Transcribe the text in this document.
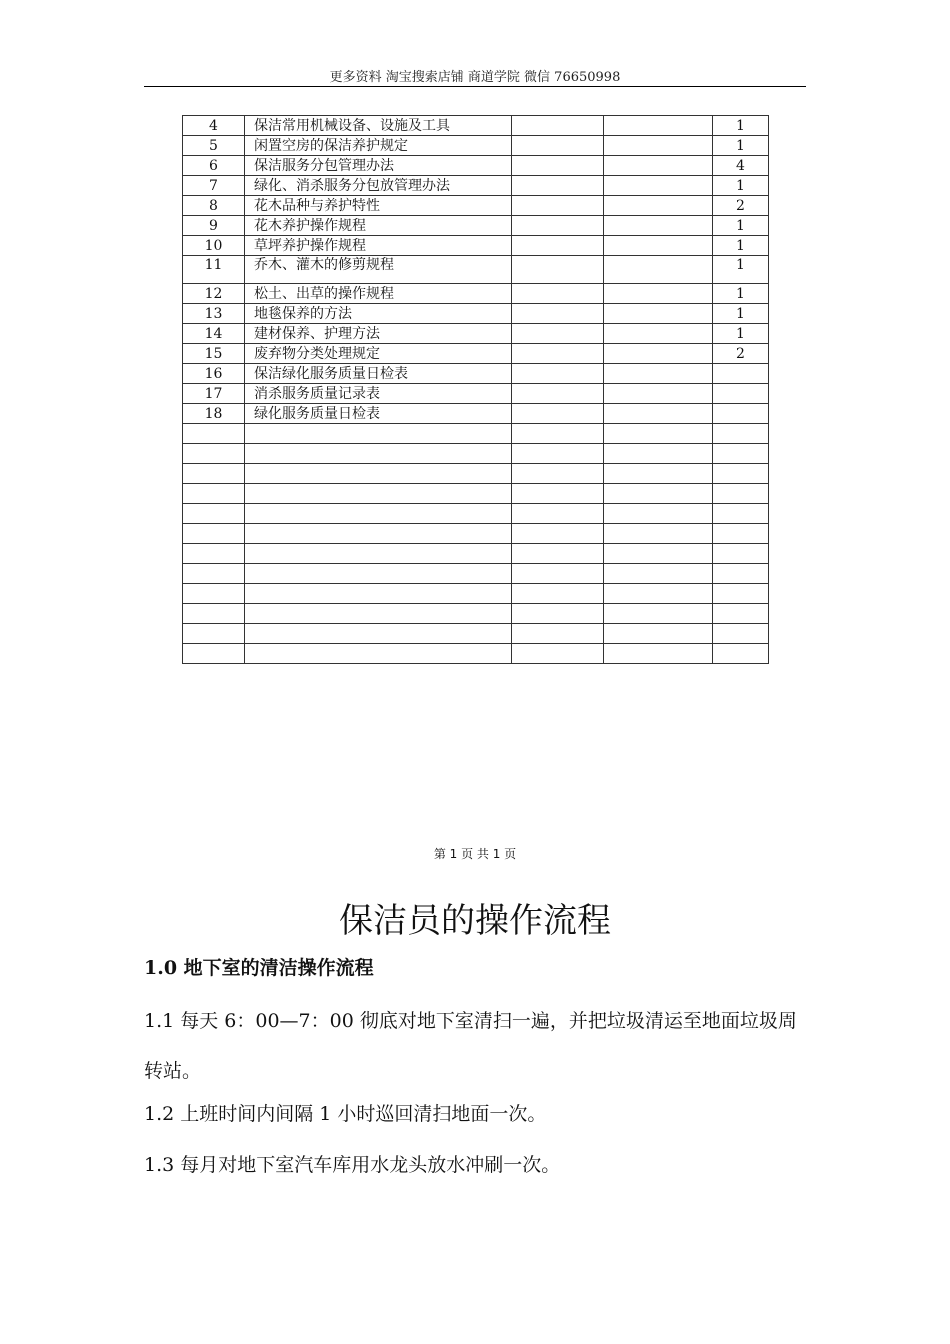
更多资料 淘宝搜索店铺 商道学院 微信 76650998
4	保洁常用机械设备、设施及工具			1
5	闲置空房的保洁养护规定			1
6	保洁服务分包管理办法			4
7	绿化、消杀服务分包放管理办法			1
8	花木品种与养护特性			2
9	花木养护操作规程			1
10	草坪养护操作规程			1
11	乔木、灌木的修剪规程			1
12	松土、出草的操作规程			1
13	地毯保养的方法			1
14	建材保养、护理方法			1
15	废弃物分类处理规定			2
16	保洁绿化服务质量日检表			
17	消杀服务质量记录表			
18	绿化服务质量日检表			

第 1 页 共 1 页
保洁员的操作流程
1.0 地下室的清洁操作流程
1.1 每天 6：00—7：00 彻底对地下室清扫一遍，并把垃圾清运至地面垃圾周转站。
1.2 上班时间内间隔 1 小时巡回清扫地面一次。
1.3 每月对地下室汽车库用水龙头放水冲刷一次。
